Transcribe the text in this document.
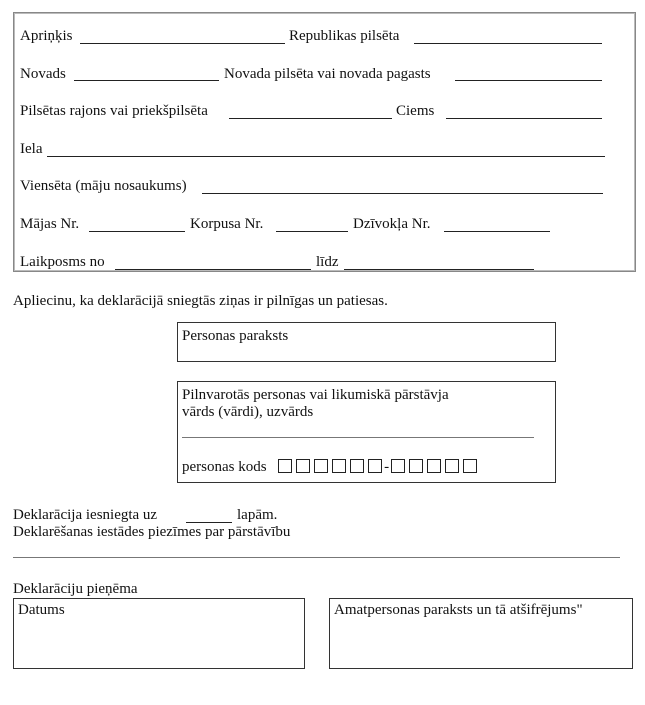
Apriņķis	Republikas pilsēta
Novads	Novada pilsēta vai novada pagasts
Pilsētas rajons vai priekšpilsēta	Ciems
Iela
Viensēta (māju nosaukums)
Mājas Nr.	Korpusa Nr.	Dzīvokļa Nr.
Laikposms no	līdz
Apliecinu, ka deklarācijā sniegtās ziņas ir pilnīgas un patiesas.
Personas paraksts
Pilnvarotās personas vai likumiskā pārstāvja
vārds (vārdi), uzvārds
personas kods	-
Deklarācija iesniegta uz	lapām.
Deklarēšanas iestādes piezīmes par pārstāvību
Deklarāciju pieņēma
Datums	Amatpersonas paraksts un tā atšifrējums"
